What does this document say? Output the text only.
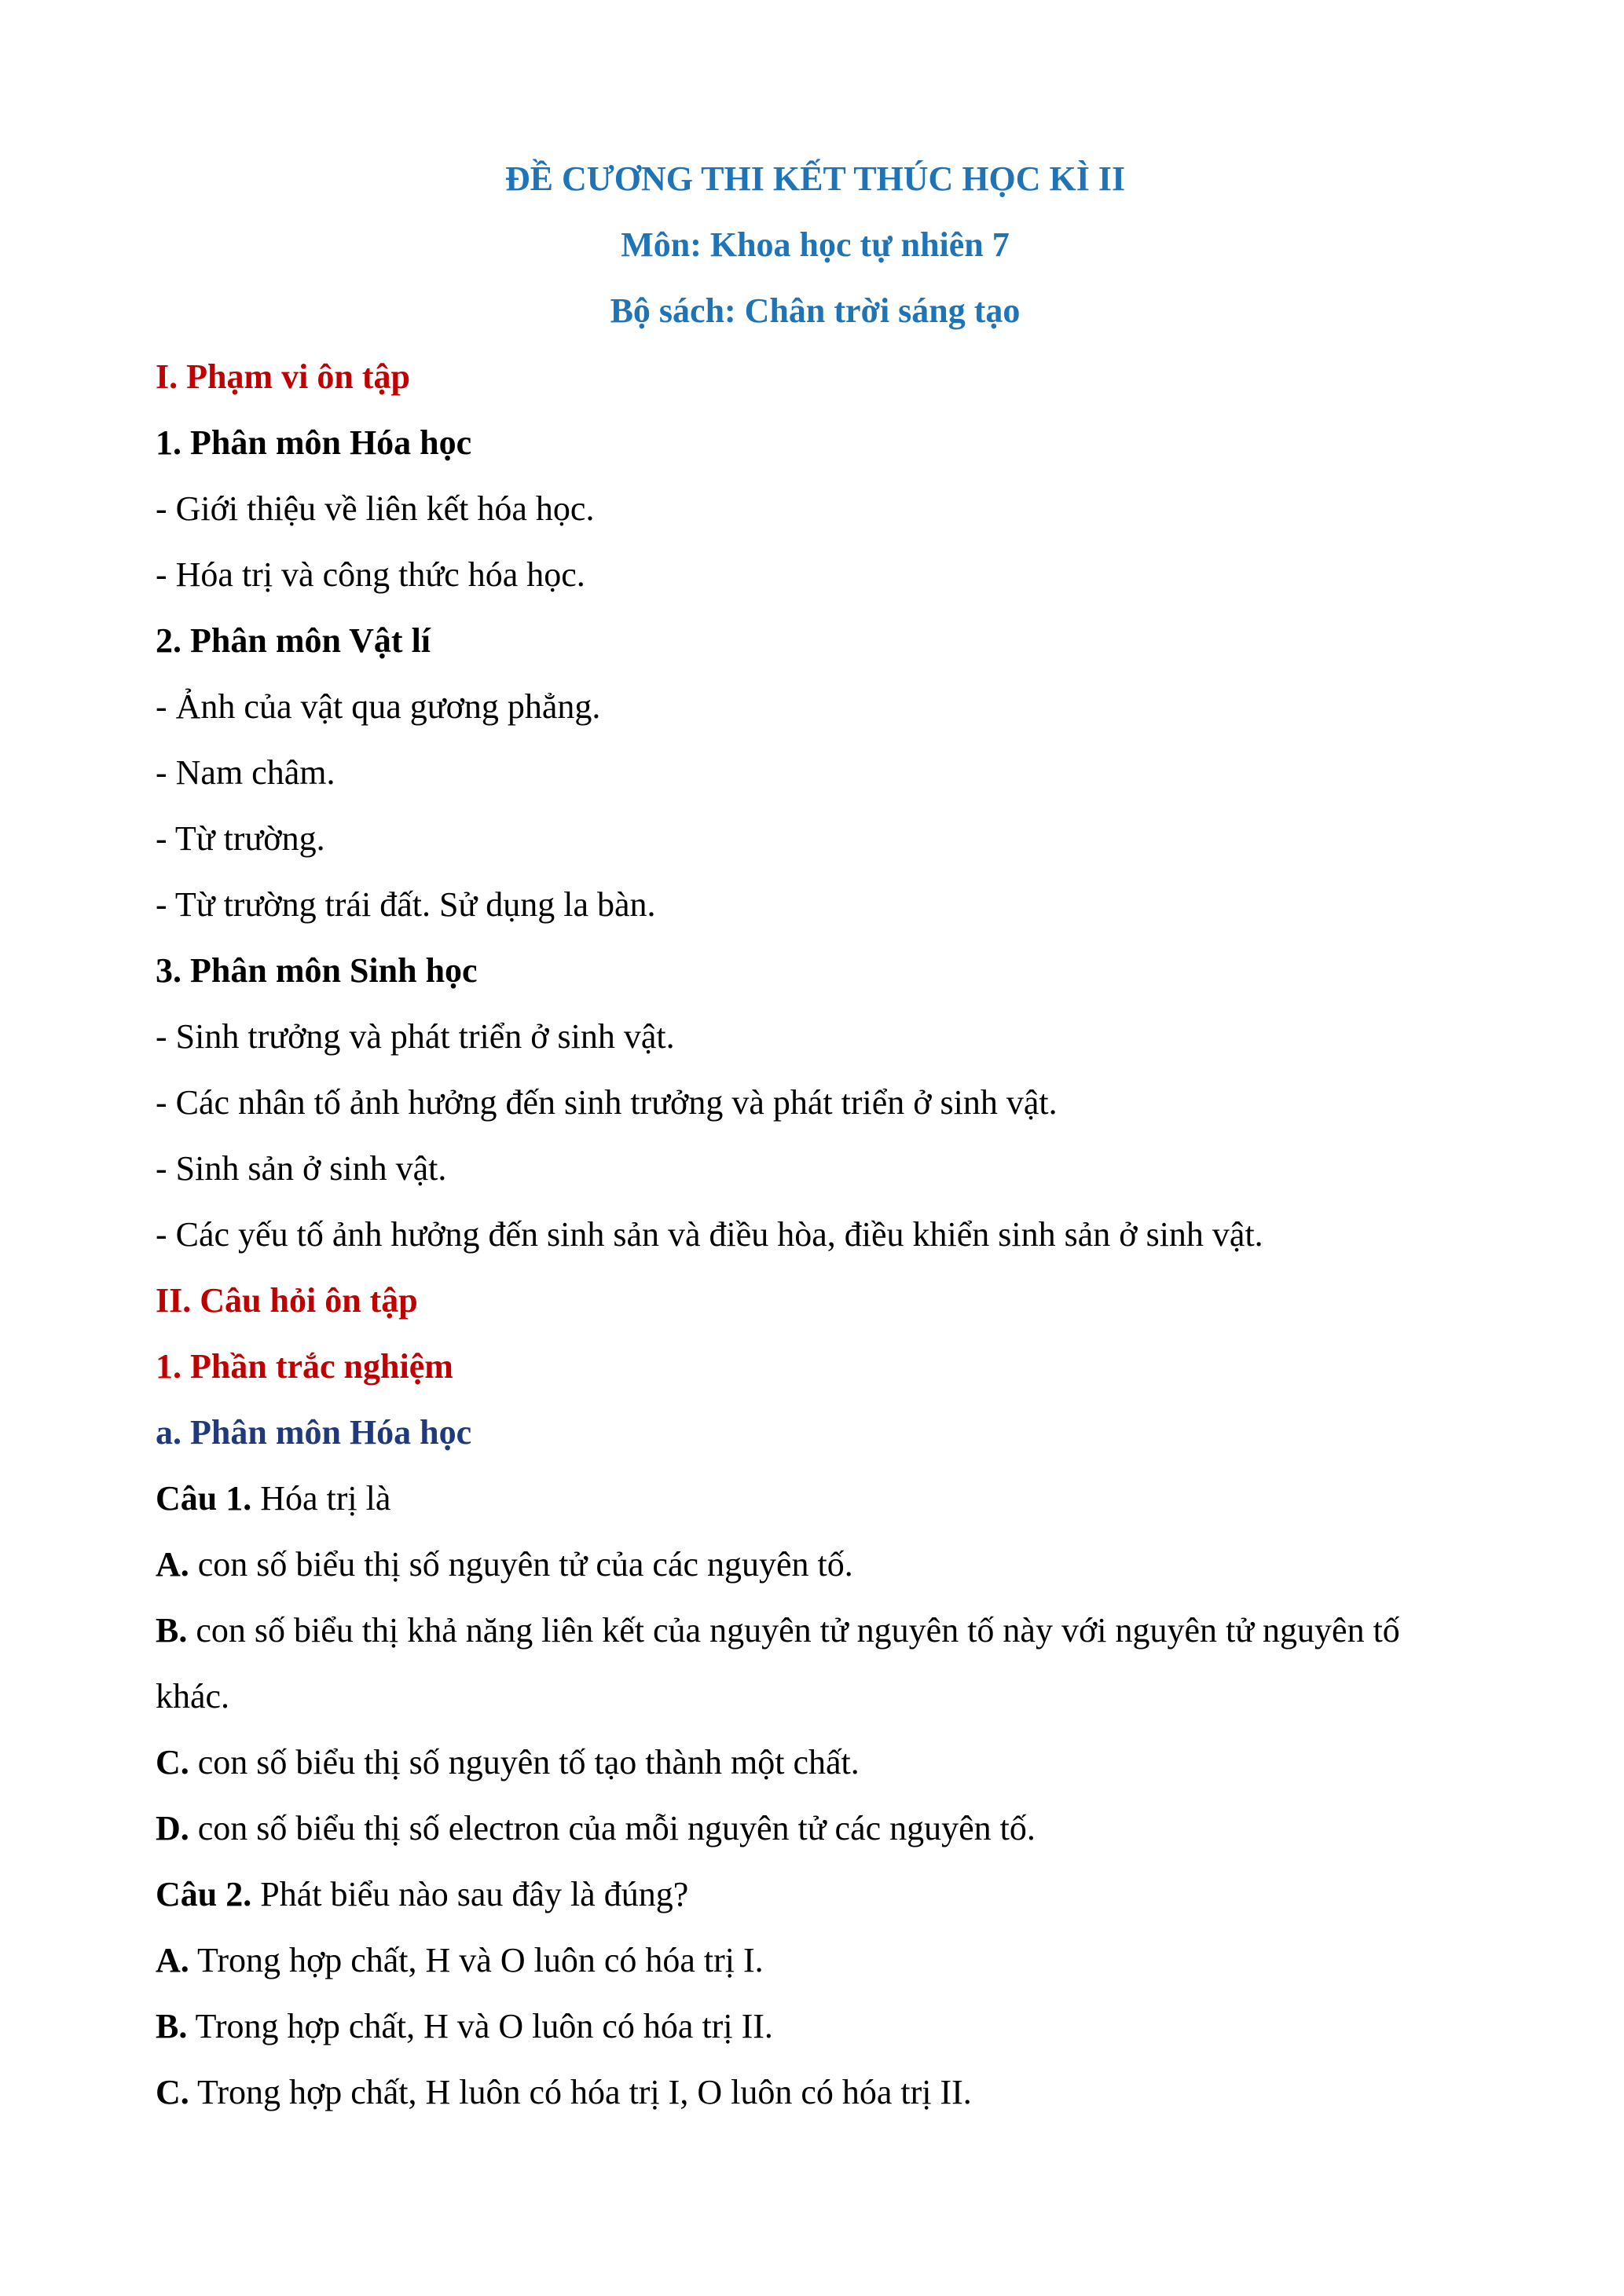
ĐỀ CƯƠNG THI KẾT THÚC HỌC KÌ II
Môn: Khoa học tự nhiên 7
Bộ sách: Chân trời sáng tạo
I. Phạm vi ôn tập
1. Phân môn Hóa học
- Giới thiệu về liên kết hóa học.
- Hóa trị và công thức hóa học.
2. Phân môn Vật lí
- Ảnh của vật qua gương phẳng.
- Nam châm.
- Từ trường.
- Từ trường trái đất. Sử dụng la bàn.
3. Phân môn Sinh học
- Sinh trưởng và phát triển ở sinh vật.
- Các nhân tố ảnh hưởng đến sinh trưởng và phát triển ở sinh vật.
- Sinh sản ở sinh vật.
- Các yếu tố ảnh hưởng đến sinh sản và điều hòa, điều khiển sinh sản ở sinh vật.
II. Câu hỏi ôn tập
1. Phần trắc nghiệm
a. Phân môn Hóa học
Câu 1. Hóa trị là
A. con số biểu thị số nguyên tử của các nguyên tố.
B. con số biểu thị khả năng liên kết của nguyên tử nguyên tố này với nguyên tử nguyên tố khác.
C. con số biểu thị số nguyên tố tạo thành một chất.
D. con số biểu thị số electron của mỗi nguyên tử các nguyên tố.
Câu 2. Phát biểu nào sau đây là đúng?
A. Trong hợp chất, H và O luôn có hóa trị I.
B. Trong hợp chất, H và O luôn có hóa trị II.
C. Trong hợp chất, H luôn có hóa trị I, O luôn có hóa trị II.
